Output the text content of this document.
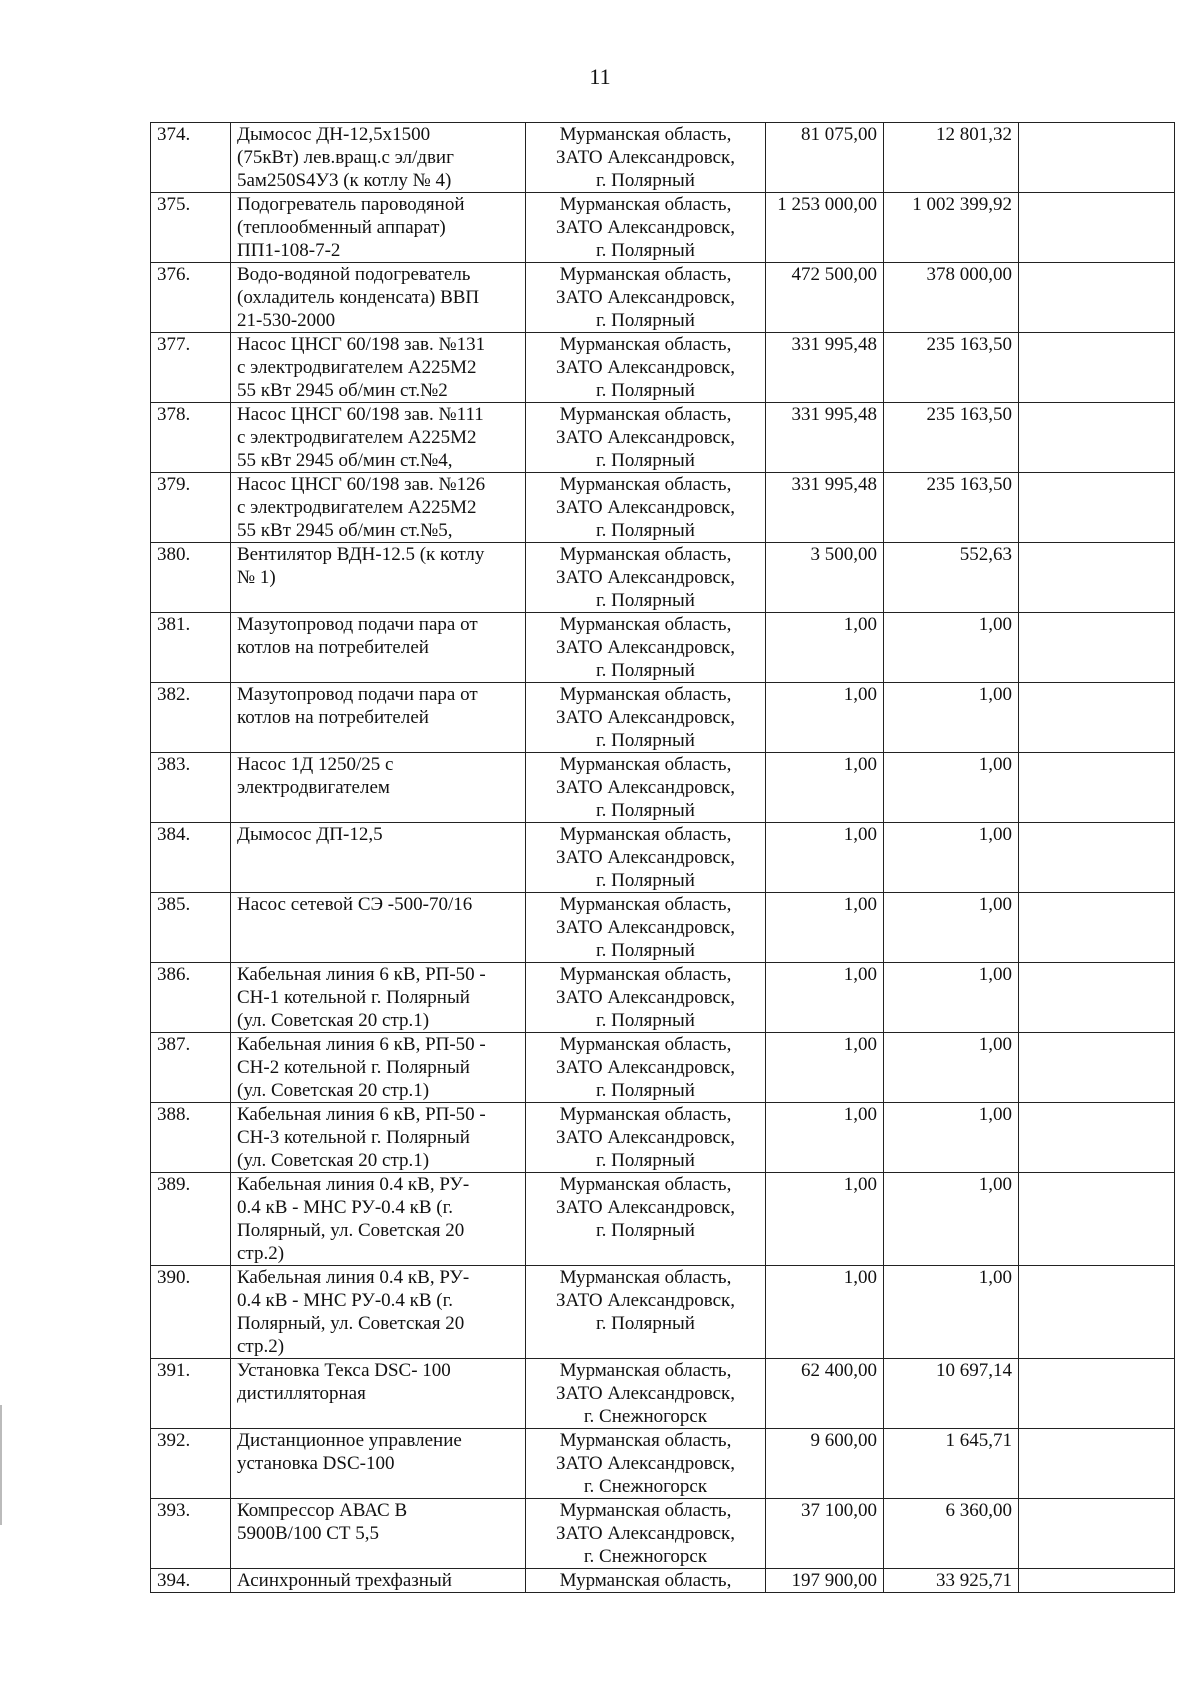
11
374.	Дымосос ДН-12,5х1500
(75кВт) лев.вращ.с эл/двиг
5ам250S4У3 (к котлу № 4)	Мурманская область,
ЗАТО Александровск,
г. Полярный	81 075,00	12 801,32	
375.	Подогреватель пароводяной
(теплообменный аппарат)
ПП1-108-7-2	Мурманская область,
ЗАТО Александровск,
г. Полярный	1 253 000,00	1 002 399,92	
376.	Водо-водяной подогреватель
(охладитель конденсата) ВВП
21-530-2000	Мурманская область,
ЗАТО Александровск,
г. Полярный	472 500,00	378 000,00	
377.	Насос ЦНСГ 60/198 зав. №131
с электродвигателем А225М2
55 кВт 2945 об/мин ст.№2	Мурманская область,
ЗАТО Александровск,
г. Полярный	331 995,48	235 163,50	
378.	Насос ЦНСГ 60/198 зав. №111
с электродвигателем А225М2
55 кВт 2945 об/мин ст.№4,	Мурманская область,
ЗАТО Александровск,
г. Полярный	331 995,48	235 163,50	
379.	Насос ЦНСГ 60/198 зав. №126
с электродвигателем А225М2
55 кВт 2945 об/мин ст.№5,	Мурманская область,
ЗАТО Александровск,
г. Полярный	331 995,48	235 163,50	
380.	Вентилятор ВДН-12.5 (к котлу
№ 1)	Мурманская область,
ЗАТО Александровск,
г. Полярный	3 500,00	552,63	
381.	Мазутопровод подачи пара от
котлов на потребителей	Мурманская область,
ЗАТО Александровск,
г. Полярный	1,00	1,00	
382.	Мазутопровод подачи пара от
котлов на потребителей	Мурманская область,
ЗАТО Александровск,
г. Полярный	1,00	1,00	
383.	Насос 1Д 1250/25 с
электродвигателем	Мурманская область,
ЗАТО Александровск,
г. Полярный	1,00	1,00	
384.	Дымосос ДП-12,5	Мурманская область,
ЗАТО Александровск,
г. Полярный	1,00	1,00	
385.	Насос сетевой СЭ -500-70/16	Мурманская область,
ЗАТО Александровск,
г. Полярный	1,00	1,00	
386.	Кабельная линия 6 кВ, РП-50 -
СН-1 котельной г. Полярный
(ул. Советская 20 стр.1)	Мурманская область,
ЗАТО Александровск,
г. Полярный	1,00	1,00	
387.	Кабельная линия 6 кВ, РП-50 -
СН-2 котельной г. Полярный
(ул. Советская 20 стр.1)	Мурманская область,
ЗАТО Александровск,
г. Полярный	1,00	1,00	
388.	Кабельная линия 6 кВ, РП-50 -
СН-3 котельной г. Полярный
(ул. Советская 20 стр.1)	Мурманская область,
ЗАТО Александровск,
г. Полярный	1,00	1,00	
389.	Кабельная линия 0.4 кВ, РУ-
0.4 кВ - МНС РУ-0.4 кВ (г.
Полярный, ул. Советская 20
стр.2)	Мурманская область,
ЗАТО Александровск,
г. Полярный	1,00	1,00	
390.	Кабельная линия 0.4 кВ, РУ-
0.4 кВ - МНС РУ-0.4 кВ (г.
Полярный, ул. Советская 20
стр.2)	Мурманская область,
ЗАТО Александровск,
г. Полярный	1,00	1,00	
391.	Установка Текса DSC- 100
дистилляторная	Мурманская область,
ЗАТО Александровск,
г. Снежногорск	62 400,00	10 697,14	
392.	Дистанционное управление
установка DSC-100	Мурманская область,
ЗАТО Александровск,
г. Снежногорск	9 600,00	1 645,71	
393.	Компрессор АВАС В
5900В/100 СТ 5,5	Мурманская область,
ЗАТО Александровск,
г. Снежногорск	37 100,00	6 360,00	
394.	Асинхронный трехфазный	Мурманская область,	197 900,00	33 925,71	
